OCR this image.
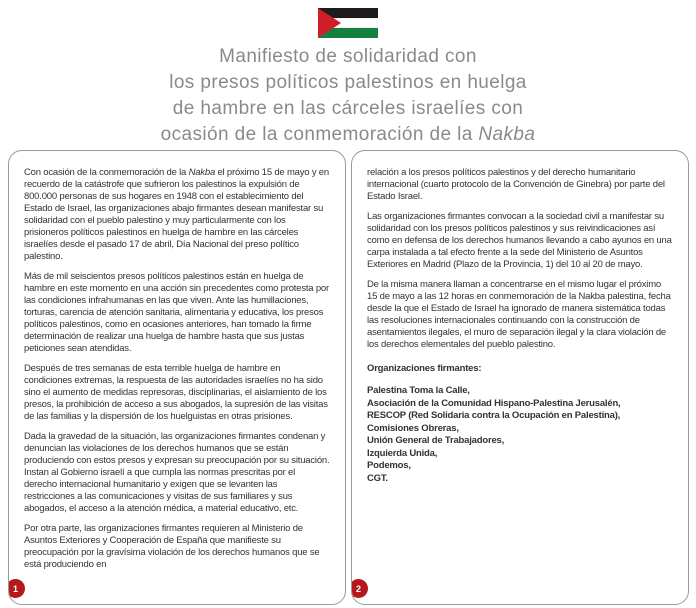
Manifiesto de solidaridad con
los presos políticos palestinos en huelga
de hambre en las cárceles israelíes con
ocasión de la conmemoración de la Nakba

Con ocasión de la conmemoración de la Nakba el próximo 15 de mayo y en recuerdo de la catástrofe que sufrieron los palestinos la expulsión de 800.000 personas de sus hogares en 1948 con el establecimiento del Estado de Israel, las organizaciones abajo firmantes desean manifestar su solidaridad con el pueblo palestino y muy particularmente con los prisioneros políticos palestinos en huelga de hambre en las cárceles israelíes desde el pasado 17 de abril, Día Nacional del preso político palestino.

Más de mil seiscientos presos políticos palestinos están en huelga de hambre en este momento en una acción sin precedentes como protesta por las condiciones infrahumanas en las que viven. Ante las humillaciones, torturas, carencia de atención sanitaria, alimentaria y educativa, los presos políticos palestinos, como en ocasiones anteriores, han tomado la firme determinación de realizar una huelga de hambre hasta que sus justas peticiones sean atendidas.

Después de tres semanas de esta terrible huelga de hambre en condiciones extremas, la respuesta de las autoridades israelíes no ha sido sino el aumento de medidas represoras, disciplinarias, el aislamiento de los presos, la prohibición de acceso a sus abogados, la supresión de las visitas de las familias y la dispersión de los huelguistas en otras prisiones.

Dada la gravedad de la situación, las organizaciones firmantes condenan y denuncian las violaciones de los derechos humanos que se están produciendo con estos presos y expresan su preocupación por su situación. Instan al Gobierno israelí a que cumpla las normas prescritas por el derecho internacional humanitario y exigen que se levanten las restricciones a las comunicaciones y visitas de sus familiares y sus abogados, el acceso a la atención médica, a material educativo, etc.

Por otra parte, las organizaciones firmantes requieren al Ministerio de Asuntos Exteriores y Cooperación de España que manifieste su preocupación por la gravísima violación de los derechos humanos que se está produciendo en

1

relación a los presos políticos palestinos y del derecho humanitario internacional (cuarto protocolo de la Convención de Ginebra) por parte del Estado Israel.

Las organizaciones firmantes convocan a la sociedad civil a manifestar su solidaridad con los presos políticos palestinos y sus reivindicaciones así como en defensa de los derechos humanos llevando a cabo ayunos en una carpa instalada a tal efecto frente a la sede del Ministerio de Asuntos Exteriores en Madrid (Plazo de la Provincia, 1) del 10 al 20 de mayo.

De la misma manera llaman a concentrarse en el mismo lugar el próximo 15 de mayo a las 12 horas en conmemoración de la Nakba palestina, fecha desde la que el Estado de Israel ha ignorado de manera sistemática todas las resoluciones internacionales continuando con la construcción de asentamientos ilegales, el muro de separación ilegal y la clara violación de los derechos elementales del pueblo palestino.

Organizaciones firmantes:
Palestina Toma la Calle,
Asociación de la Comunidad Hispano-Palestina Jerusalén,
RESCOP (Red Solidaria contra la Ocupación en Palestina),
Comisiones Obreras,
Unión General de Trabajadores,
Izquierda Unida,
Podemos,
CGT.
2
